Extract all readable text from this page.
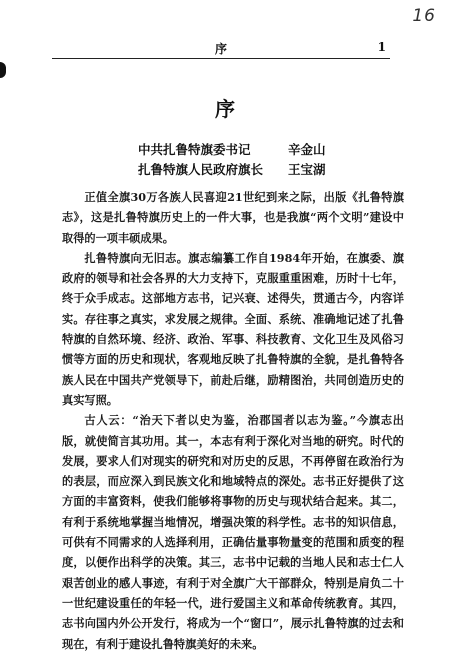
16
序	1
序
中共扎鲁特旗委书记	辛金山
扎鲁特旗人民政府旗长 王宝湖

正值全旗30万各族人民喜迎21世纪到来之际，出版《扎鲁特旗志》，这是扎鲁特旗历史上的一件大事，也是我旗“两个文明”建设中取得的一项丰硕成果。

扎鲁特旗向无旧志。旗志编纂工作自1984年开始，在旗委、旗政府的领导和社会各界的大力支持下，克服重重困难，历时十七年，终于众手成志。这部地方志书，记兴衰、述得失，贯通古今，内容详实。存往事之真实，求发展之规律。全面、系统、准确地记述了扎鲁特旗的自然环境、经济、政治、军事、科技教育、文化卫生及风俗习惯等方面的历史和现状，客观地反映了扎鲁特旗的全貌，是扎鲁特各族人民在中国共产党领导下，前赴后继，励精图治，共同创造历史的真实写照。

古人云：“治天下者以史为鉴，治郡国者以志为鉴。”今旗志出版，就使简言其功用。其一，本志有利于深化对当地的研究。时代的发展，要求人们对现实的研究和对历史的反思，不再停留在政治行为的表层，而应深入到民族文化和地域特点的深处。志书正好提供了这方面的丰富资料，使我们能够将事物的历史与现状结合起来。其二，有利于系统地掌握当地情况，增强决策的科学性。志书的知识信息，可供有不同需求的人选择利用，正确估量事物量变的范围和质变的程度，以便作出科学的决策。其三，志书中记载的当地人民和志士仁人艰苦创业的感人事迹，有利于对全旗广大干部群众，特别是肩负二十一世纪建设重任的年轻一代，进行爱国主义和革命传统教育。其四，志书向国内外公开发行，将成为一个“窗口”，展示扎鲁特旗的过去和现在，有利于建设扎鲁特旗美好的未来。
